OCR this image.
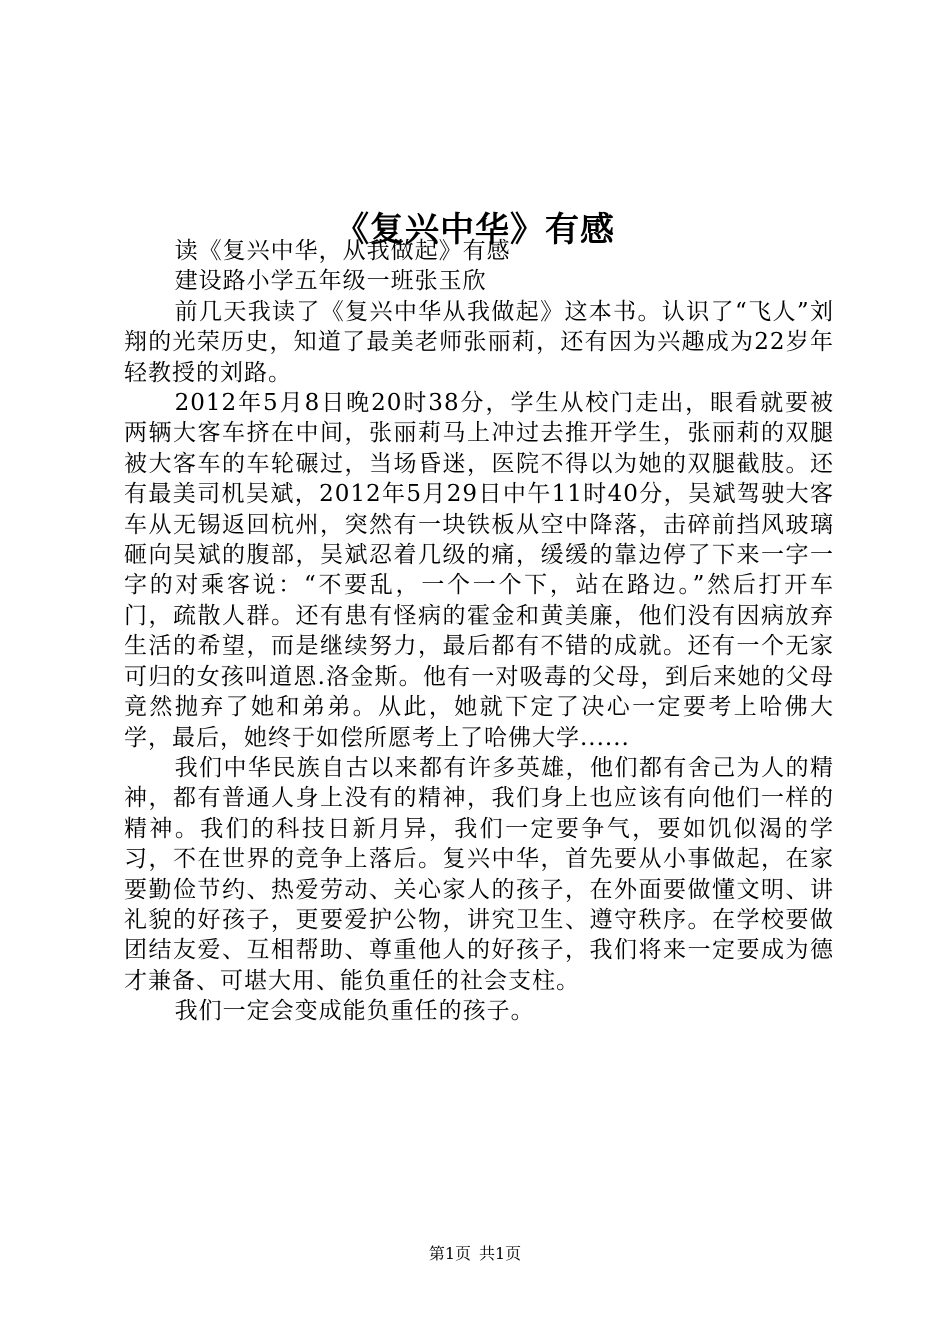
《复兴中华》有感

读《复兴中华，从我做起》有感

建设路小学五年级一班张玉欣

前几天我读了《复兴中华从我做起》这本书。认识了“飞人”刘翔的光荣历史，知道了最美老师张丽莉，还有因为兴趣成为22岁年轻教授的刘路。

2012年5月8日晚20时38分，学生从校门走出，眼看就要被两辆大客车挤在中间，张丽莉马上冲过去推开学生，张丽莉的双腿被大客车的车轮碾过，当场昏迷，医院不得以为她的双腿截肢。还有最美司机吴斌，2012年5月29日中午11时40分，吴斌驾驶大客车从无锡返回杭州，突然有一块铁板从空中降落，击碎前挡风玻璃砸向吴斌的腹部，吴斌忍着几级的痛，缓缓的靠边停了下来一字一字的对乘客说：“不要乱，一个一个下，站在路边。”然后打开车门，疏散人群。还有患有怪病的霍金和黄美廉，他们没有因病放弃生活的希望，而是继续努力，最后都有不错的成就。还有一个无家可归的女孩叫道恩.洛金斯。他有一对吸毒的父母，到后来她的父母竟然抛弃了她和弟弟。从此，她就下定了决心一定要考上哈佛大学，最后，她终于如偿所愿考上了哈佛大学......

我们中华民族自古以来都有许多英雄，他们都有舍己为人的精神，都有普通人身上没有的精神，我们身上也应该有向他们一样的精神。我们的科技日新月异，我们一定要争气，要如饥似渴的学习，不在世界的竞争上落后。复兴中华，首先要从小事做起，在家要勤俭节约、热爱劳动、关心家人的孩子，在外面要做懂文明、讲礼貌的好孩子，更要爱护公物，讲究卫生、遵守秩序。在学校要做团结友爱、互相帮助、尊重他人的好孩子，我们将来一定要成为德才兼备、可堪大用、能负重任的社会支柱。

我们一定会变成能负重任的孩子。

第1页 共1页
